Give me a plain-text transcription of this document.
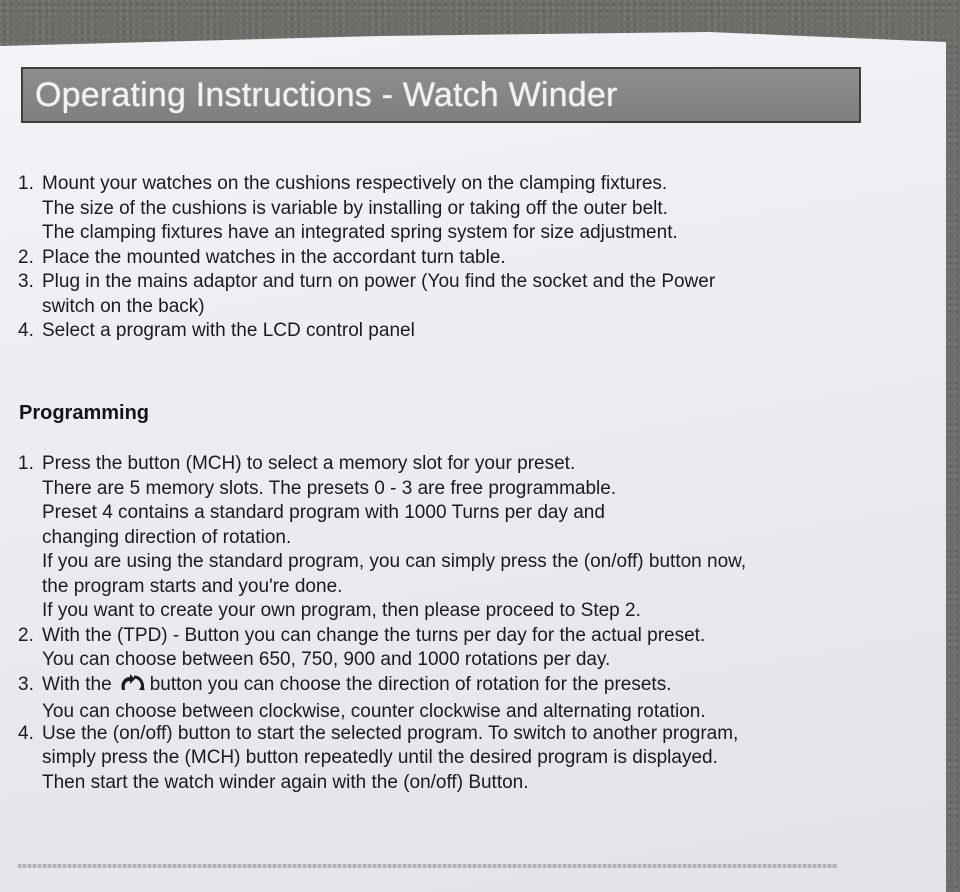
Operating Instructions - Watch Winder
1. Mount your watches on the cushions respectively on the clamping fixtures.
The size of the cushions is variable by installing or taking off the outer belt.
The clamping fixtures have an integrated spring system for size adjustment.
2. Place the mounted watches in the accordant turn table.
3. Plug in the mains adaptor and turn on power (You find the socket and the Power
switch on the back)
4. Select a program with the LCD control panel
Programming
1. Press the button (MCH) to select a memory slot for your preset.
There are 5 memory slots. The presets 0 - 3 are free programmable.
Preset 4 contains a standard program with 1000 Turns per day and
changing direction of rotation.
If you are using the standard program, you can simply press the (on/off) button now,
the program starts and you're done.
If you want to create your own program, then please proceed to Step 2.
2. With the (TPD) - Button you can change the turns per day for the actual preset.
You can choose between 650, 750, 900 and 1000 rotations per day.
3. With the button you can choose the direction of rotation for the presets.
You can choose between clockwise, counter clockwise and alternating rotation.
4. Use the (on/off) button to start the selected program. To switch to another program,
simply press the (MCH) button repeatedly until the desired program is displayed.
Then start the watch winder again with the (on/off) Button.
